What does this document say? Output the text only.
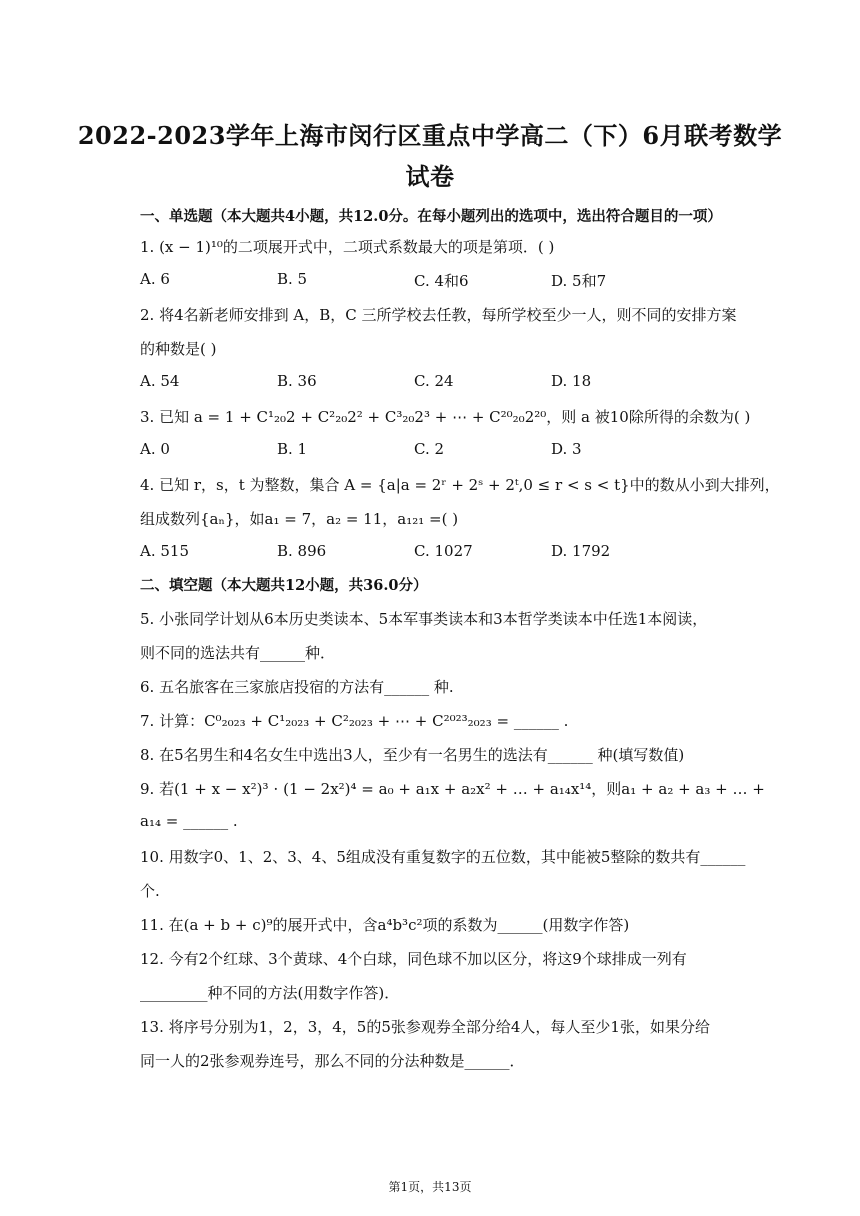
2022-2023学年上海市闵行区重点中学高二（下）6月联考数学
试卷
一、单选题（本大题共4小题，共12.0分。在每小题列出的选项中，选出符合题目的一项）
1. (x − 1)¹⁰的二项展开式中，二项式系数最大的项是第项．( )
A. 6	B. 5	C. 4和6	D. 5和7
2. 将4名新老师安排到 A，B，C 三所学校去任教，每所学校至少一人，则不同的安排方案
的种数是( )
A. 54	B. 36	C. 24	D. 18
3. 已知 a = 1 + C¹₂₀2 + C²₂₀2² + C³₂₀2³ + ⋯ + C²⁰₂₀2²⁰，则 a 被10除所得的余数为( )
A. 0	B. 1	C. 2	D. 3
4. 已知 r，s，t 为整数，集合 A = {a|a = 2ʳ + 2ˢ + 2ᵗ,0 ≤ r < s < t}中的数从小到大排列，
组成数列{aₙ}，如a₁ = 7，a₂ = 11，a₁₂₁ =( )
A. 515	B. 896	C. 1027	D. 1792
二、填空题（本大题共12小题，共36.0分）
5. 小张同学计划从6本历史类读本、5本军事类读本和3本哲学类读本中任选1本阅读，
则不同的选法共有______种．
6. 五名旅客在三家旅店投宿的方法有______ 种.
7. 计算：C⁰₂₀₂₃ + C¹₂₀₂₃ + C²₂₀₂₃ + ⋯ + C²⁰²³₂₀₂₃ = ______ .
8. 在5名男生和4名女生中选出3人，至少有一名男生的选法有______ 种(填写数值)
9. 若(1 + x − x²)³ ⋅ (1 − 2x²)⁴ = a₀ + a₁x + a₂x² + … + a₁₄x¹⁴，则a₁ + a₂ + a₃ + … +
a₁₄ = ______ .
10. 用数字0、1、2、3、4、5组成没有重复数字的五位数，其中能被5整除的数共有______
个.
11. 在(a + b + c)⁹的展开式中，含a⁴b³c²项的系数为______(用数字作答)
12. 今有2个红球、3个黄球、4个白球，同色球不加以区分，将这9个球排成一列有
_________种不同的方法(用数字作答)．
13. 将序号分别为1，2，3，4，5的5张参观券全部分给4人，每人至少1张，如果分给
同一人的2张参观券连号，那么不同的分法种数是______．
第1页，共13页
